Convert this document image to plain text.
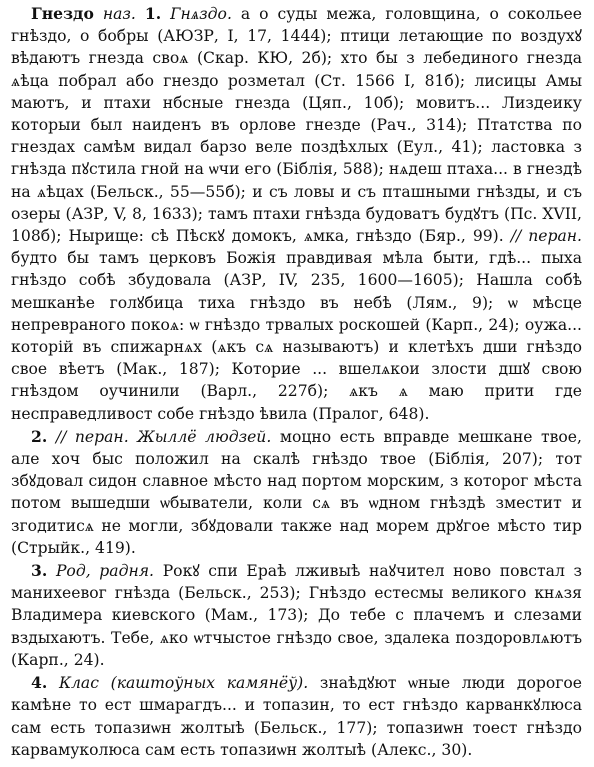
Гнездо наз. 1. Гнѧздо. а о суды межа, головщина, о сокольее гнѣздо, о бобры (АЮЗР, I, 17, 1444); птици летающие по воздухꙋ вѣдаютъ гнезда своѧ (Скар. КЮ, 2б); хто бы з лебединого гнезда ѧѣца побрал або гнездо розметал (Ст. 1566 I, 81б); лисицы Амы маютъ, и птахи нбсные гнезда (Цяп., 10б); мовитъ... Лиздеику которыи был наиденъ въ орловe гнезде (Рач., 314); Птатства по гнездах самѣм видал барзо веле поздѣхлых (Еул., 41); ластовка з гнѣзда пꙋстила гной на ѡчи его (Біблія, 588); нѧдеш птаха... в гнездѣ на ѧѣцах (Бельск., 55—55б); и съ ловы и съ пташными гнѣзды, и съ озеры (АЗР, V, 8, 1633); тамъ птахи гнѣзда будоватъ будꙋтъ (Пс. XVII, 108б); Нырище: сѣ Пѣскꙋ домокъ, ѧмка, гнѣздо (Бяр., 99). // перан. будто бы тамъ церковъ Божія правдивая мѣла быти, гдѣ... пыха гнѣздо собѣ збудовала (АЗР, IV, 235, 1600—1605); Нашла собѣ мешканѣе голꙋбица тиха гнѣздо въ небѣ (Лям., 9); ѡ мѣсце непревраного покоѧ: ѡ гнѣздо трвалых роскошей (Карп., 24); оужа... которій въ спижарнѧх (ѧкъ сѧ называютъ) и клетѣхъ дши гнѣздо свое вѣетъ (Мак., 187); Которие ... вшелѧкои злости дшꙋ свою гнѣздом оучинили (Варл., 227б); ѧкъ ѧ маю прити где несправедливост собе гнѣздо ѣвила (Пралог, 648).

2. // перан. Жыллё людзей. моцно есть вправде мешканe твое, але хоч быс положил на скалѣ гнѣздо твое (Біблія, 207); тот збꙋдовал сидон славное мѣсто над портом морским, з которог мѣста потом вышедши ѡбыватели, коли сѧ въ ѡдном гнѣздѣ зместит и згодитисѧ не могли, збꙋдовали также над морем дрꙋгое мѣсто тир (Стрыйк., 419).

3. Род, радня. Рокꙋ спи Ераѣ лживыѣ наꙋчител ново повстал з манихеевог гнѣзда (Бельск., 253); Гнѣздо естесмы великого кнѧзя Владимера киевского (Мам., 173); До тебе с плачемъ и слезами вздыхаютъ. Тебе, ѧко ѡтчыстое гнѣздо свое, здалека поздоровлѧютъ (Карп., 24).

4. Клас (каштоўных камянёў). знаѣдꙋют ѡные люди дорогое камѣне то ест шмарагдъ... и топазин, то ест гнѣздо карванкꙋлюса сам есть топазиѡн жолтыѣ (Бельск., 177); топазиѡн тоест гнѣздо карвамуколюса сам есть топазиѡн жолтыѣ (Алекс., 30).
